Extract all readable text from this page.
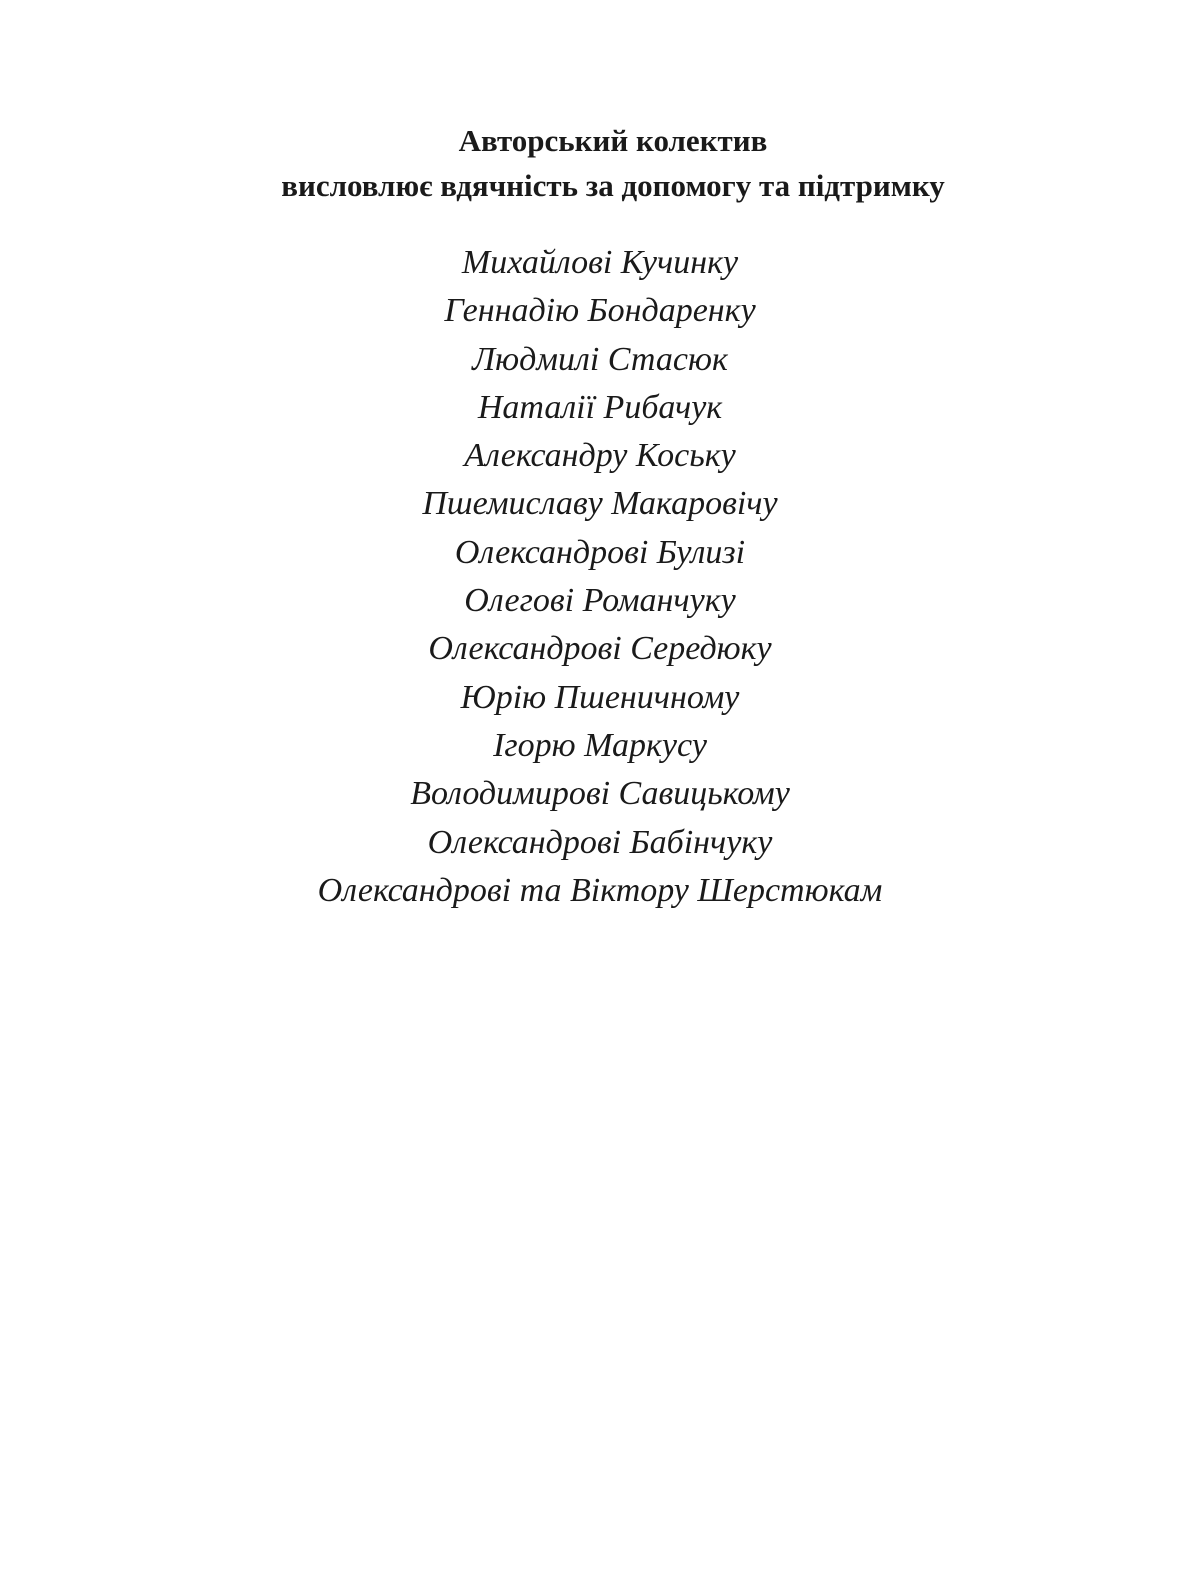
Авторський колектив
висловлює вдячність за допомогу та підтримку
Михайлові Кучинку
Геннадію Бондаренку
Людмилі Стасюк
Наталії Рибачук
Александру Коську
Пшемиславу Макаровічу
Олександрові Булизі
Олегові Романчуку
Олександрові Середюку
Юрію Пшеничному
Ігорю Маркусу
Володимирові Савицькому
Олександрові Бабінчуку
Олександрові та Віктору Шерстюкам
